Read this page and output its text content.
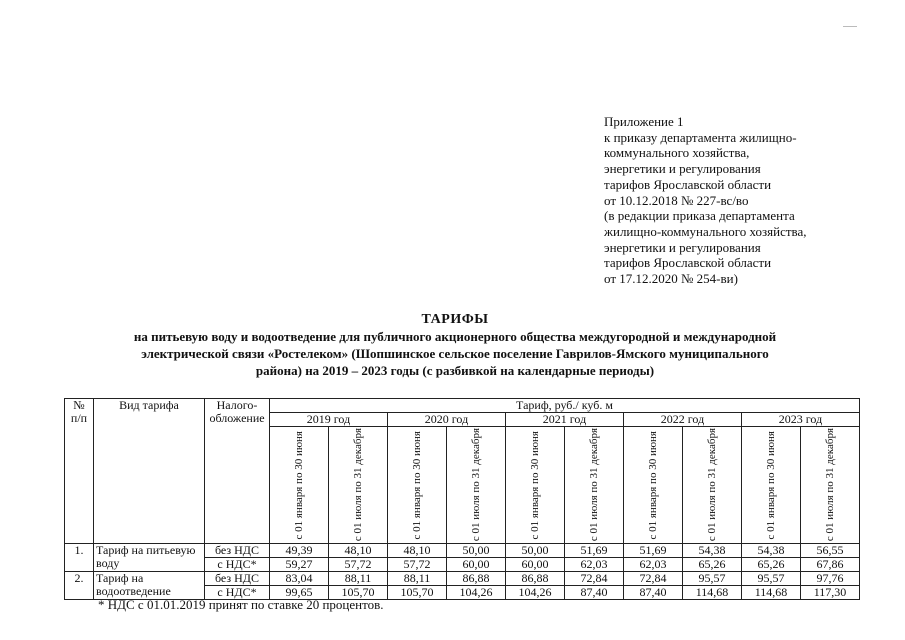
Приложение 1
к приказу департамента жилищно-
коммунального хозяйства,
энергетики и регулирования
тарифов Ярославской области
от 10.12.2018 № 227-вс/во
(в редакции приказа департамента
жилищно-коммунального хозяйства,
энергетики и регулирования
тарифов Ярославской области
от 17.12.2020 № 254-ви)
ТАРИФЫ
на питьевую воду и водоотведение для публичного акционерного общества междугородной и международной
электрической связи «Ростелеком» (Шопшинское сельское поселение Гаврилов-Ямского муниципального
района) на 2019 – 2023 годы (с разбивкой на календарные периоды)
№ п/п	Вид тарифа	Налого-обложение	Тариф, руб./ куб. м									
			2019 год		2020 год		2021 год		2022 год		2023 год	

			с 01 января по 30 июня	с 01 июля по 31 декабря	с 01 января по 30 июня	с 01 июля по 31 декабря	с 01 января по 30 июня	с 01 июля по 31 декабря	с 01 января по 30 июня	с 01 июля по 31 декабря	с 01 января по 30 июня	с 01 июля по 31 декабря

1.	Тариф на питьевую воду	без НДС	49,39	48,10	48,10	50,00	50,00	51,69	51,69	54,38	54,38	56,55
		с НДС*	59,27	57,72	57,72	60,00	60,00	62,03	62,03	65,26	65,26	67,86
2.	Тариф на водоотведение	без НДС	83,04	88,11	88,11	86,88	86,88	72,84	72,84	95,57	95,57	97,76
		с НДС*	99,65	105,70	105,70	104,26	104,26	87,40	87,40	114,68	114,68	117,30
* НДС с 01.01.2019 принят по ставке 20 процентов.
